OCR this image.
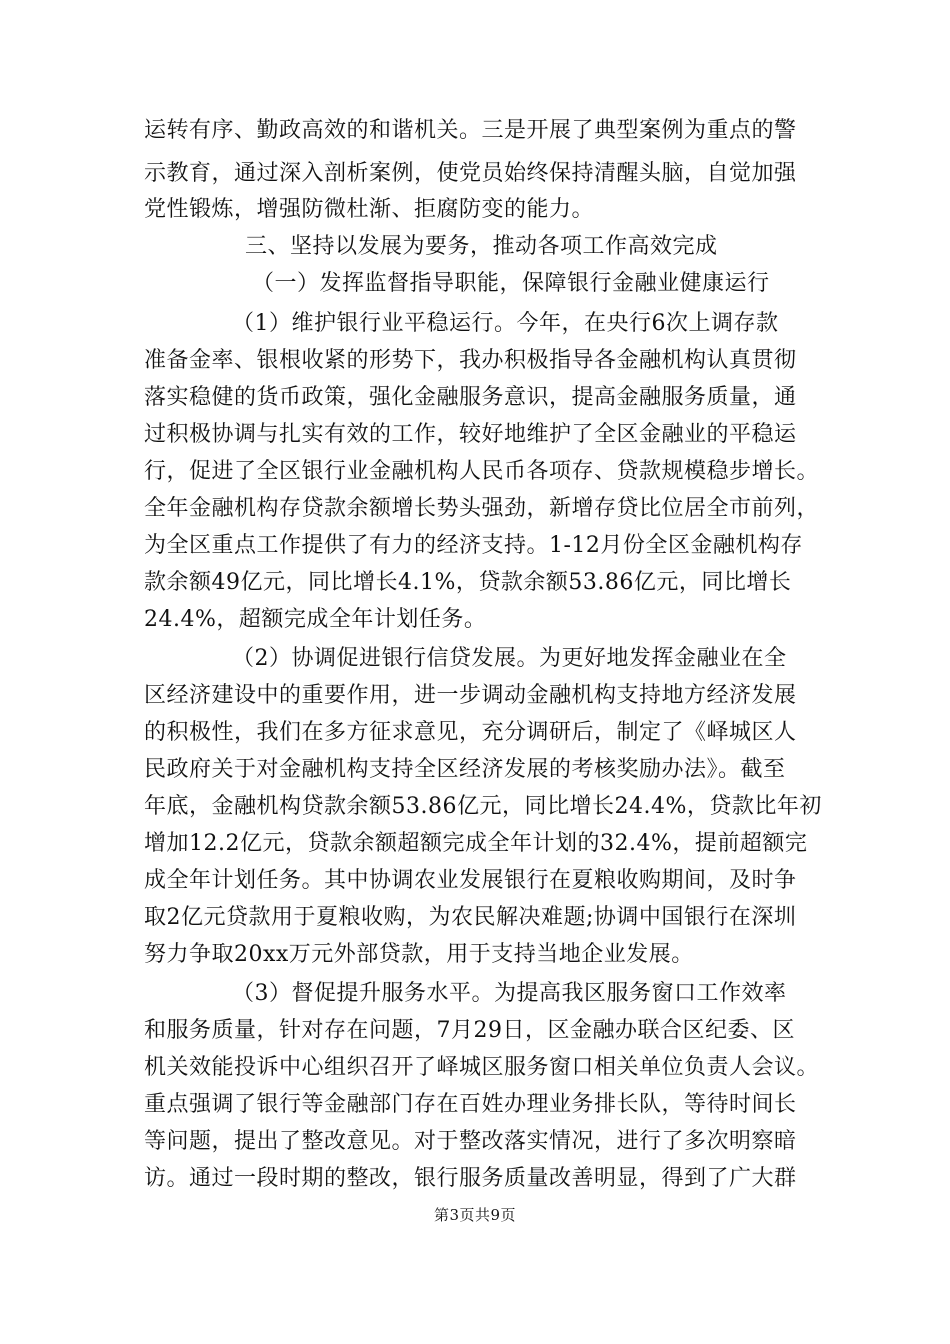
运转有序、勤政高效的和谐机关。三是开展了典型案例为重点的警
示教育，通过深入剖析案例，使党员始终保持清醒头脑，自觉加强
党性锻炼，增强防微杜渐、拒腐防变的能力。
三、坚持以发展为要务，推动各项工作高效完成
（一）发挥监督指导职能，保障银行金融业健康运行
（1）维护银行业平稳运行。今年，在央行6次上调存款
准备金率、银根收紧的形势下，我办积极指导各金融机构认真贯彻
落实稳健的货币政策，强化金融服务意识，提高金融服务质量，通
过积极协调与扎实有效的工作，较好地维护了全区金融业的平稳运
行，促进了全区银行业金融机构人民币各项存、贷款规模稳步增长。
全年金融机构存贷款余额增长势头强劲，新增存贷比位居全市前列，
为全区重点工作提供了有力的经济支持。1-12月份全区金融机构存
款余额49亿元，同比增长4.1%，贷款余额53.86亿元，同比增长
24.4%，超额完成全年计划任务。
（2）协调促进银行信贷发展。为更好地发挥金融业在全
区经济建设中的重要作用，进一步调动金融机构支持地方经济发展
的积极性，我们在多方征求意见，充分调研后，制定了《峄城区人
民政府关于对金融机构支持全区经济发展的考核奖励办法》。截至
年底，金融机构贷款余额53.86亿元，同比增长24.4%，贷款比年初
增加12.2亿元，贷款余额超额完成全年计划的32.4%，提前超额完
成全年计划任务。其中协调农业发展银行在夏粮收购期间，及时争
取2亿元贷款用于夏粮收购，为农民解决难题;协调中国银行在深圳
努力争取20xx万元外部贷款，用于支持当地企业发展。
（3）督促提升服务水平。为提高我区服务窗口工作效率
和服务质量，针对存在问题，7月29日，区金融办联合区纪委、区
机关效能投诉中心组织召开了峄城区服务窗口相关单位负责人会议。
重点强调了银行等金融部门存在百姓办理业务排长队，等待时间长
等问题，提出了整改意见。对于整改落实情况，进行了多次明察暗
访。通过一段时期的整改，银行服务质量改善明显，得到了广大群
第3页共9页
